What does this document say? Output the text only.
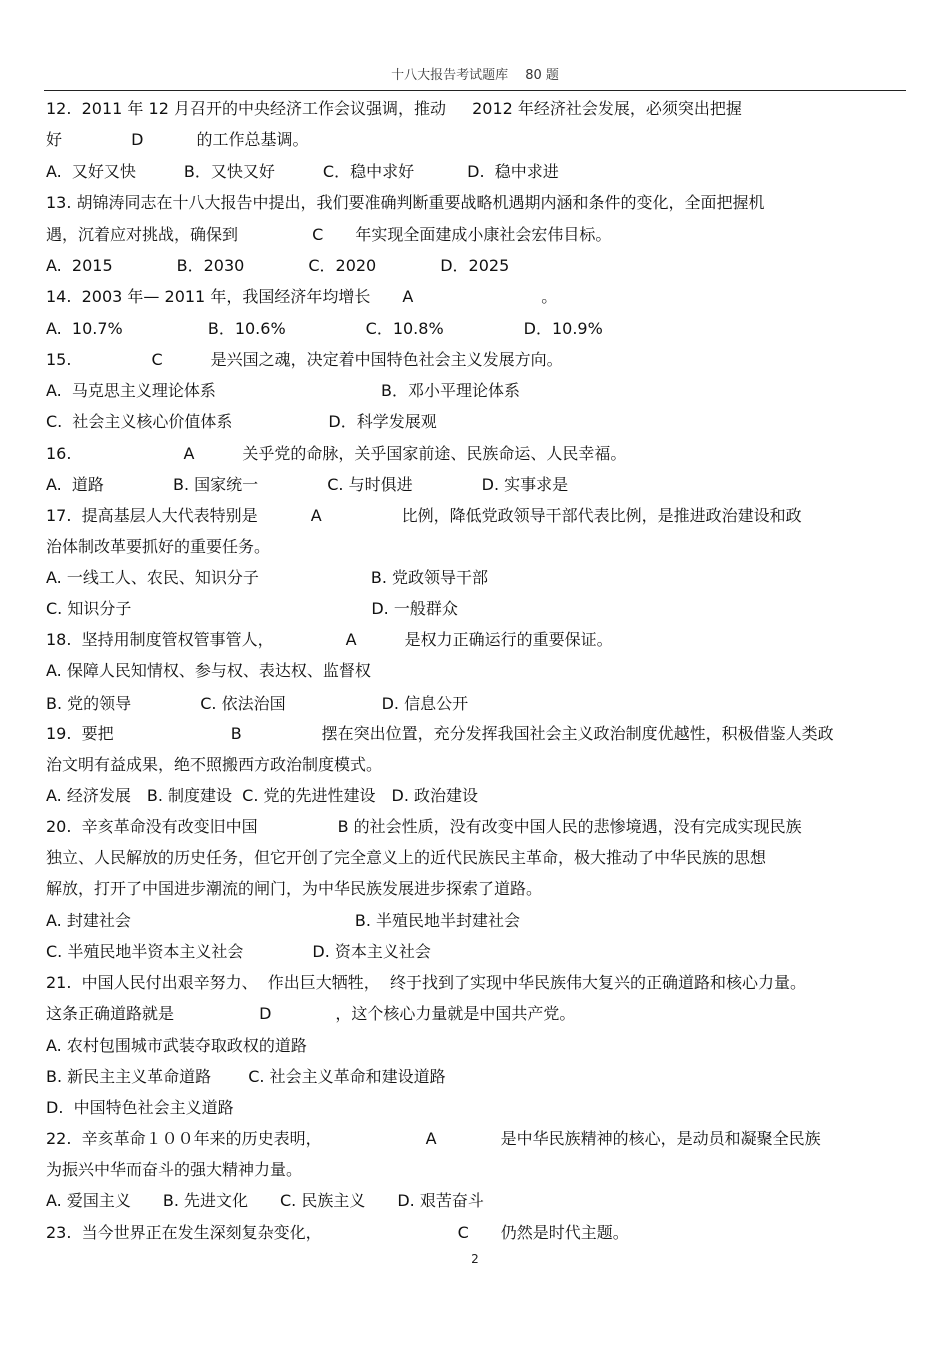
十八大报告考试题库　 80 题
12.  2011 年 12 月召开的中央经济工作会议强调，推动　  2012 年经济社会发展，必须突出把握
好　　　　 D　　　 的工作总基调。
A.  又好又快　　　B．又快又好　　　C．稳中求好　　　 D.  稳中求进
13. 胡锦涛同志在十八大报告中提出，我们要准确判断重要战略机遇期内涵和条件的变化，全面把握机
遇，沉着应对挑战，确保到　　　　  C　　年实现全面建成小康社会宏伟目标。
A.  2015　　　　B．2030　　　　C．2020　　　　D．2025
14.  2003 年— 2011 年，我国经济年均增长　　A　　　　　　　　。
A.  10.7%　　　　　 B．10.6%　　　　　C．10.8%　　　　　D．10.9%
15.　　　　　C　　　是兴国之魂，决定着中国特色社会主义发展方向。
A.  马克思主义理论体系　　　　　　　　　　 B．邓小平理论体系
C.  社会主义核心价值体系　　　　　　D．科学发展观
16.　　　　　　　A　　　关乎党的命脉，关乎国家前途、民族命运、人民幸福。
A.  道路　　　　 B. 国家统一　　　　 C. 与时俱进　　　　 D. 实事求是
17.  提高基层人大代表特别是　　　 A　　　　　比例，降低党政领导干部代表比例，是推进政治建设和政
治体制改革要抓好的重要任务。
A. 一线工人、农民、知识分子　　　　　　　B. 党政领导干部
C. 知识分子　　　　　　　　　　　　　　　D. 一般群众
18.  坚持用制度管权管事管人，　　　　　A　　　是权力正确运行的重要保证。
A. 保障人民知情权、参与权、表达权、监督权
B. 党的领导　　　　 C. 依法治国　　　　　　D. 信息公开
19.  要把　　　　　　　 B　　　　　摆在突出位置，充分发挥我国社会主义政治制度优越性，积极借鉴人类政
治文明有益成果，绝不照搬西方政治制度模式。
A. 经济发展　B. 制度建设  C. 党的先进性建设　D. 政治建设
20.  辛亥革命没有改变旧中国　　　　　B 的社会性质，没有改变中国人民的悲惨境遇，没有完成实现民族
独立、人民解放的历史任务，但它开创了完全意义上的近代民族民主革命，极大推动了中华民族的思想
解放，打开了中国进步潮流的闸门，为中华民族发展进步探索了道路。
A. 封建社会　　　　　　　　　　　　　　B. 半殖民地半封建社会
C. 半殖民地半资本主义社会　　　　 D. 资本主义社会
21.  中国人民付出艰辛努力、  作出巨大牺牲，  终于找到了实现中华民族伟大复兴的正确道路和核心力量。
这条正确道路就是　　　　　 D　　　　，这个核心力量就是中国共产党。
A. 农村包围城市武装夺取政权的道路
B. 新民主主义革命道路　　 C. 社会主义革命和建设道路
D.  中国特色社会主义道路
22.  辛亥革命１００年来的历史表明，　　　　　　　A　　　　是中华民族精神的核心，是动员和凝聚全民族
为振兴中华而奋斗的强大精神力量。
A. 爱国主义　　B. 先进文化　　C. 民族主义　　D. 艰苦奋斗
23.  当今世界正在发生深刻复杂变化，　　　　　　　　　C　　仍然是时代主题。
2
